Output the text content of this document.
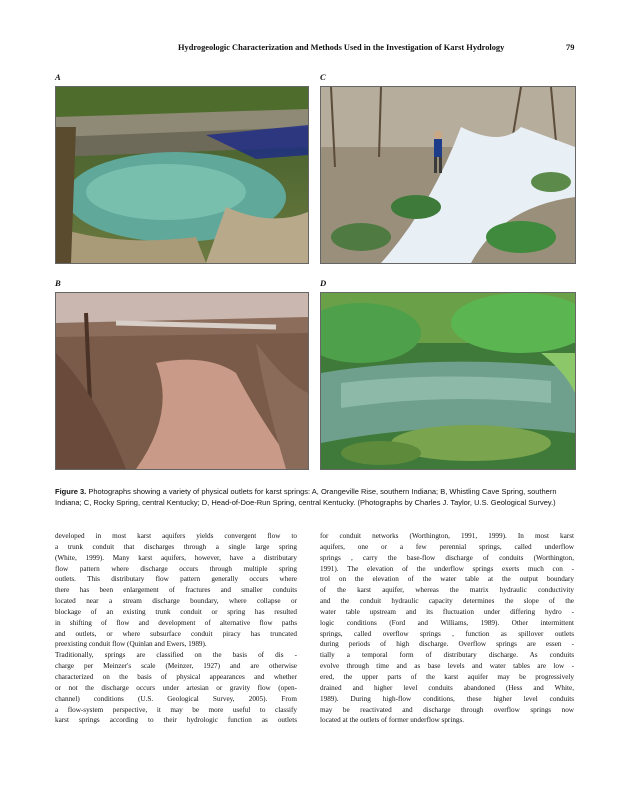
Hydrogeologic Characterization and Methods Used in the Investigation of Karst Hydrology	79
A	C
B	D
Figure 3. Photographs showing a variety of physical outlets for karst springs: A, Orangeville Rise, southern Indiana; B, Whistling Cave Spring, southern Indiana; C, Rocky Spring, central Kentucky; D, Head-of-Doe-Run Spring, central Kentucky. (Photographs by Charles J. Taylor, U.S. Geological Survey.)
developed in most karst aquifers yields convergent flow to
a trunk conduit that discharges through a single large spring
(White, 1999). Many karst aquifers, however, have a distributary
flow pattern where discharge occurs through multiple spring
outlets. This distributary flow pattern generally occurs where
there has been enlargement of fractures and smaller conduits
located near a stream discharge boundary, where collapse or
blockage of an existing trunk conduit or spring has resulted
in shifting of flow and development of alternative flow paths
and outlets, or where subsurface conduit piracy has truncated
preexisting conduit flow (Quinlan and Ewers, 1989).
Traditionally, springs are classified on the basis of dis -
charge per Meinzer's scale (Meinzer, 1927) and are otherwise
characterized on the basis of physical appearances and whether
or not the discharge occurs under artesian or gravity flow (open-
channel) conditions (U.S. Geological Survey, 2005). From
a flow-system perspective, it may be more useful to classify
karst springs according to their hydrologic function as outlets
for conduit networks (Worthington, 1991, 1999). In most karst
aquifers, one or a few perennial springs, called underflow
springs , carry the base-flow discharge of conduits (Worthington,
1991). The elevation of the underflow springs exerts much con -
trol on the elevation of the water table at the output boundary
of the karst aquifer, whereas the matrix hydraulic conductivity
and the conduit hydraulic capacity determines the slope of the
water table upstream and its fluctuation under differing hydro -
logic conditions (Ford and Williams, 1989). Other intermittent
springs, called overflow springs , function as spillover outlets
during periods of high discharge. Overflow springs are essen -
tially a temporal form of distributary discharge. As conduits
evolve through time and as base levels and water tables are low -
ered, the upper parts of the karst aquifer may be progressively
drained and higher level conduits abandoned (Hess and White,
1989). During high-flow conditions, these higher level conduits
may be reactivated and discharge through overflow springs now
located at the outlets of former underflow springs.
